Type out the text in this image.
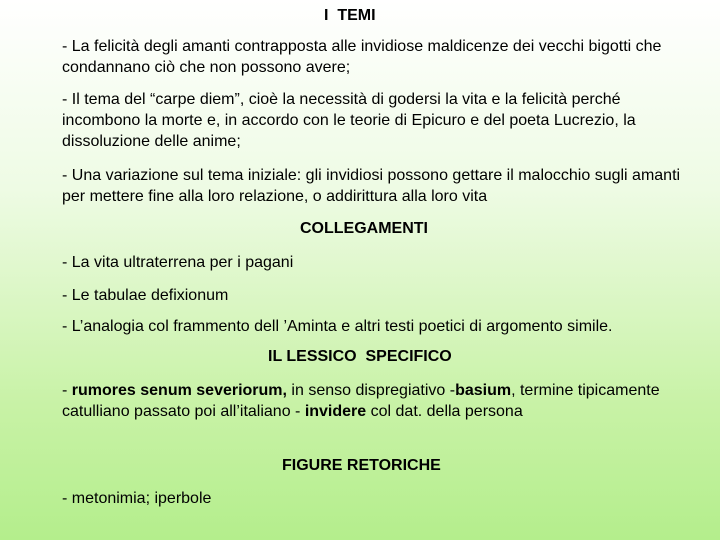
I  TEMI

- La felicità degli amanti contrapposta alle invidiose maldicenze dei vecchi bigotti che condannano ciò che non possono avere;

- Il tema del “carpe diem”, cioè la necessità di godersi la vita e la felicità perché incombono la morte e, in accordo con le teorie di Epicuro e del poeta Lucrezio, la dissoluzione delle anime;

- Una variazione sul tema iniziale: gli invidiosi possono gettare il malocchio sugli amanti per mettere fine alla loro relazione, o addirittura alla loro vita

COLLEGAMENTI

- La vita ultraterrena per i pagani

- Le tabulae defixionum

- L’analogia col frammento dell ’Aminta e altri testi poetici di argomento simile.

IL LESSICO  SPECIFICO

- rumores senum severiorum, in senso dispregiativo -basium, termine tipicamente catulliano passato poi all’italiano - invidere col dat. della persona

FIGURE RETORICHE

- metonimia; iperbole
